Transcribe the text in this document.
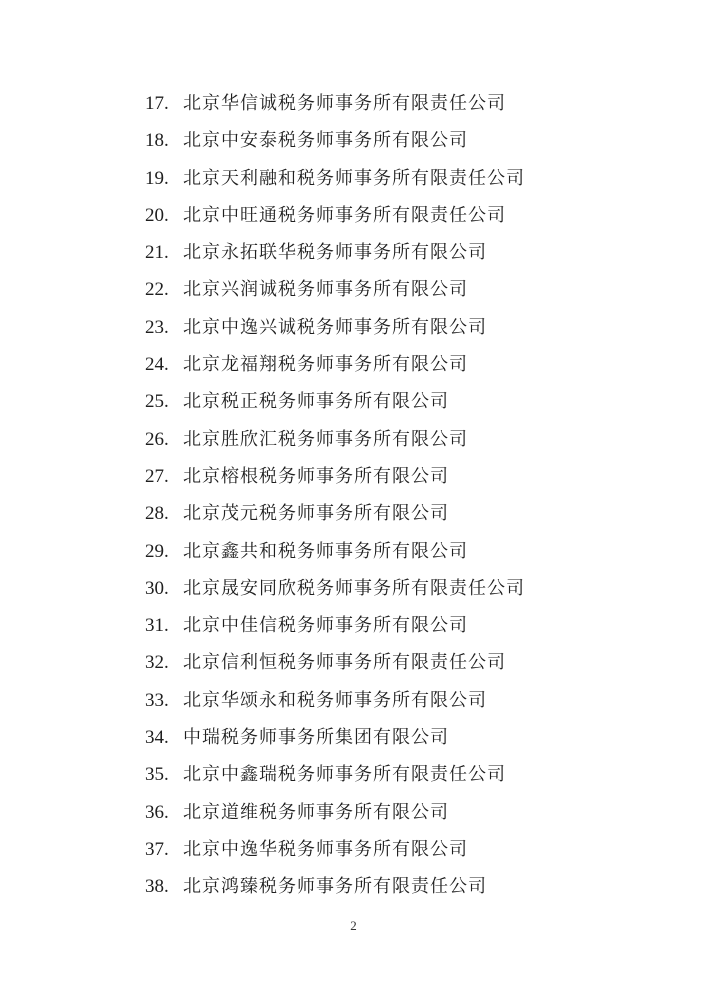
17. 北京华信诚税务师事务所有限责任公司
18. 北京中安泰税务师事务所有限公司
19. 北京天利融和税务师事务所有限责任公司
20. 北京中旺通税务师事务所有限责任公司
21. 北京永拓联华税务师事务所有限公司
22. 北京兴润诚税务师事务所有限公司
23. 北京中逸兴诚税务师事务所有限公司
24. 北京龙福翔税务师事务所有限公司
25. 北京税正税务师事务所有限公司
26. 北京胜欣汇税务师事务所有限公司
27. 北京榕根税务师事务所有限公司
28. 北京茂元税务师事务所有限公司
29. 北京鑫共和税务师事务所有限公司
30. 北京晟安同欣税务师事务所有限责任公司
31. 北京中佳信税务师事务所有限公司
32. 北京信利恒税务师事务所有限责任公司
33. 北京华颂永和税务师事务所有限公司
34. 中瑞税务师事务所集团有限公司
35. 北京中鑫瑞税务师事务所有限责任公司
36. 北京道维税务师事务所有限公司
37. 北京中逸华税务师事务所有限公司
38. 北京鸿臻税务师事务所有限责任公司
2
